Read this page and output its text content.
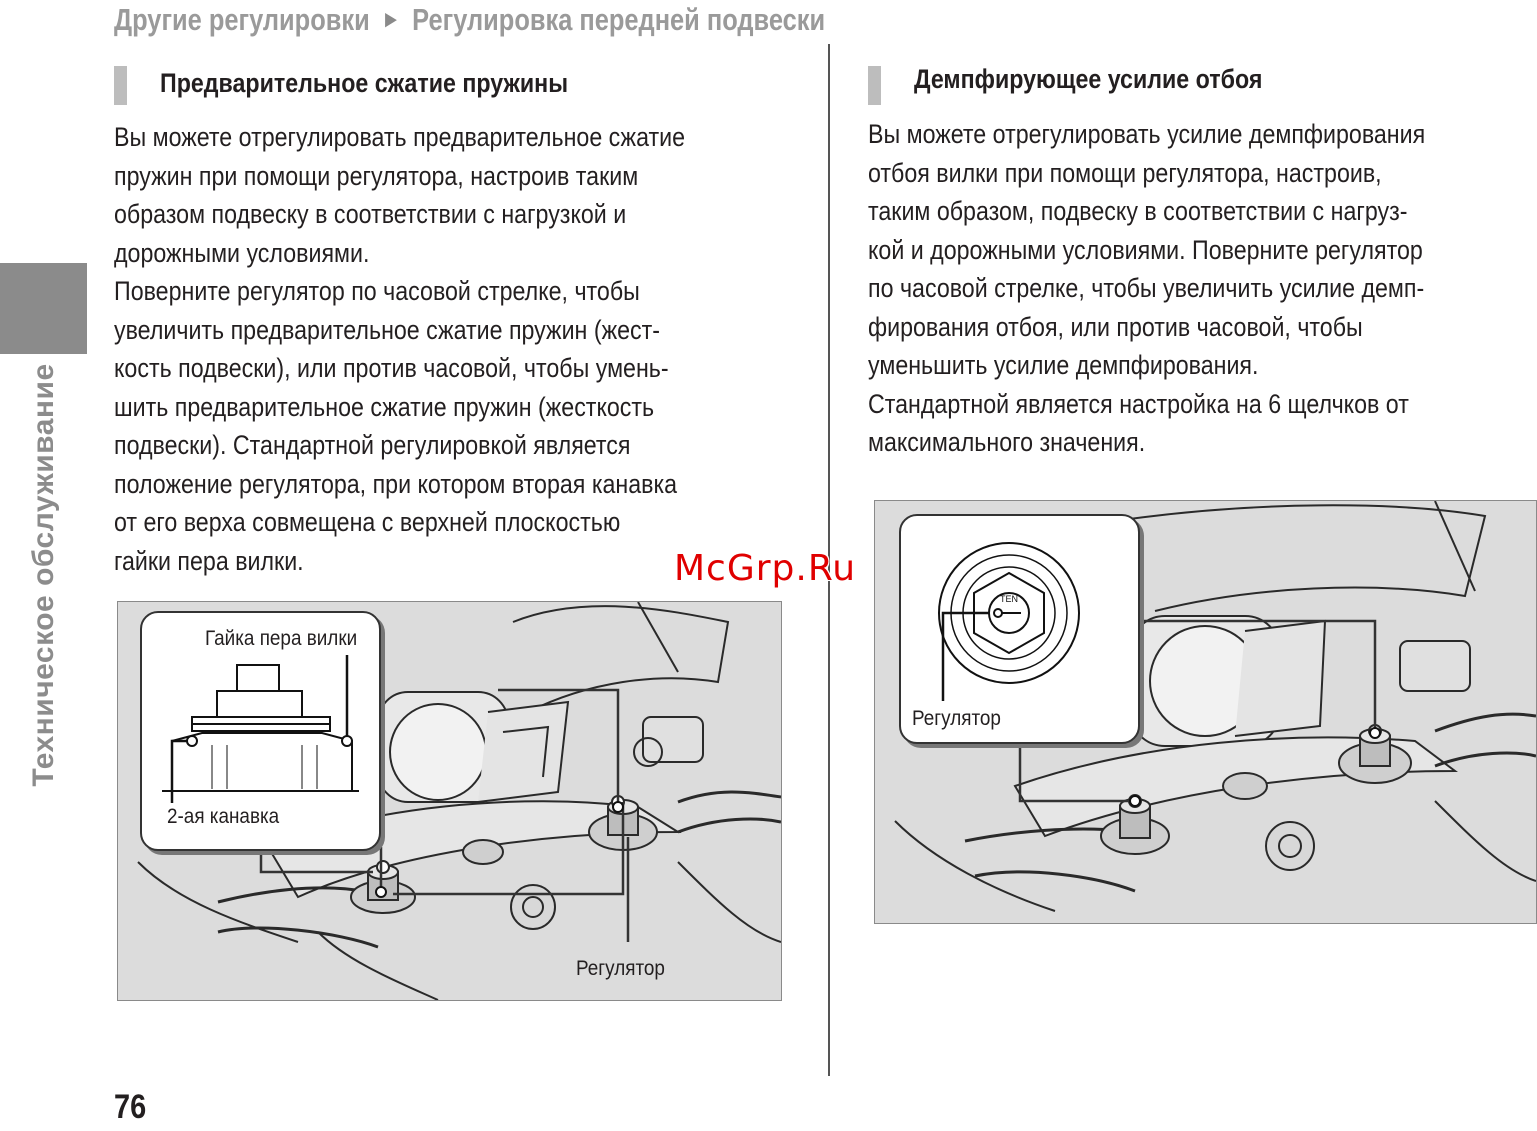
Другие регулировки ► Регулировка передней подвески
Техническое обслуживание
Предварительное сжатие пружины
Вы можете отрегулировать предварительное сжатие
пружин при помощи регулятора, настроив таким
образом подвеску в соответствии с нагрузкой и
дорожными условиями.
Поверните регулятор по часовой стрелке, чтобы
увеличить предварительное сжатие пружин (жест-
кость подвески), или против часовой, чтобы умень-
шить предварительное сжатие пружин (жесткость
подвески). Стандартной регулировкой является
положение регулятора, при котором вторая канавка
от его верха совмещена с верхней плоскостью
гайки пера вилки.
Гайка пера вилки
2-ая канавка
Регулятор
Демпфирующее усилие отбоя
Вы можете отрегулировать усилие демпфирования
отбоя вилки при помощи регулятора, настроив,
таким образом, подвеску в соответствии с нагруз-
кой и дорожными условиями. Поверните регулятор
по часовой стрелке, чтобы увеличить усилие демп-
фирования отбоя, или против часовой, чтобы
уменьшить усилие демпфирования.
Стандартной является настройка на 6 щелчков от
максимального значения.
TEN
Регулятор
76
McGrp.Ru
